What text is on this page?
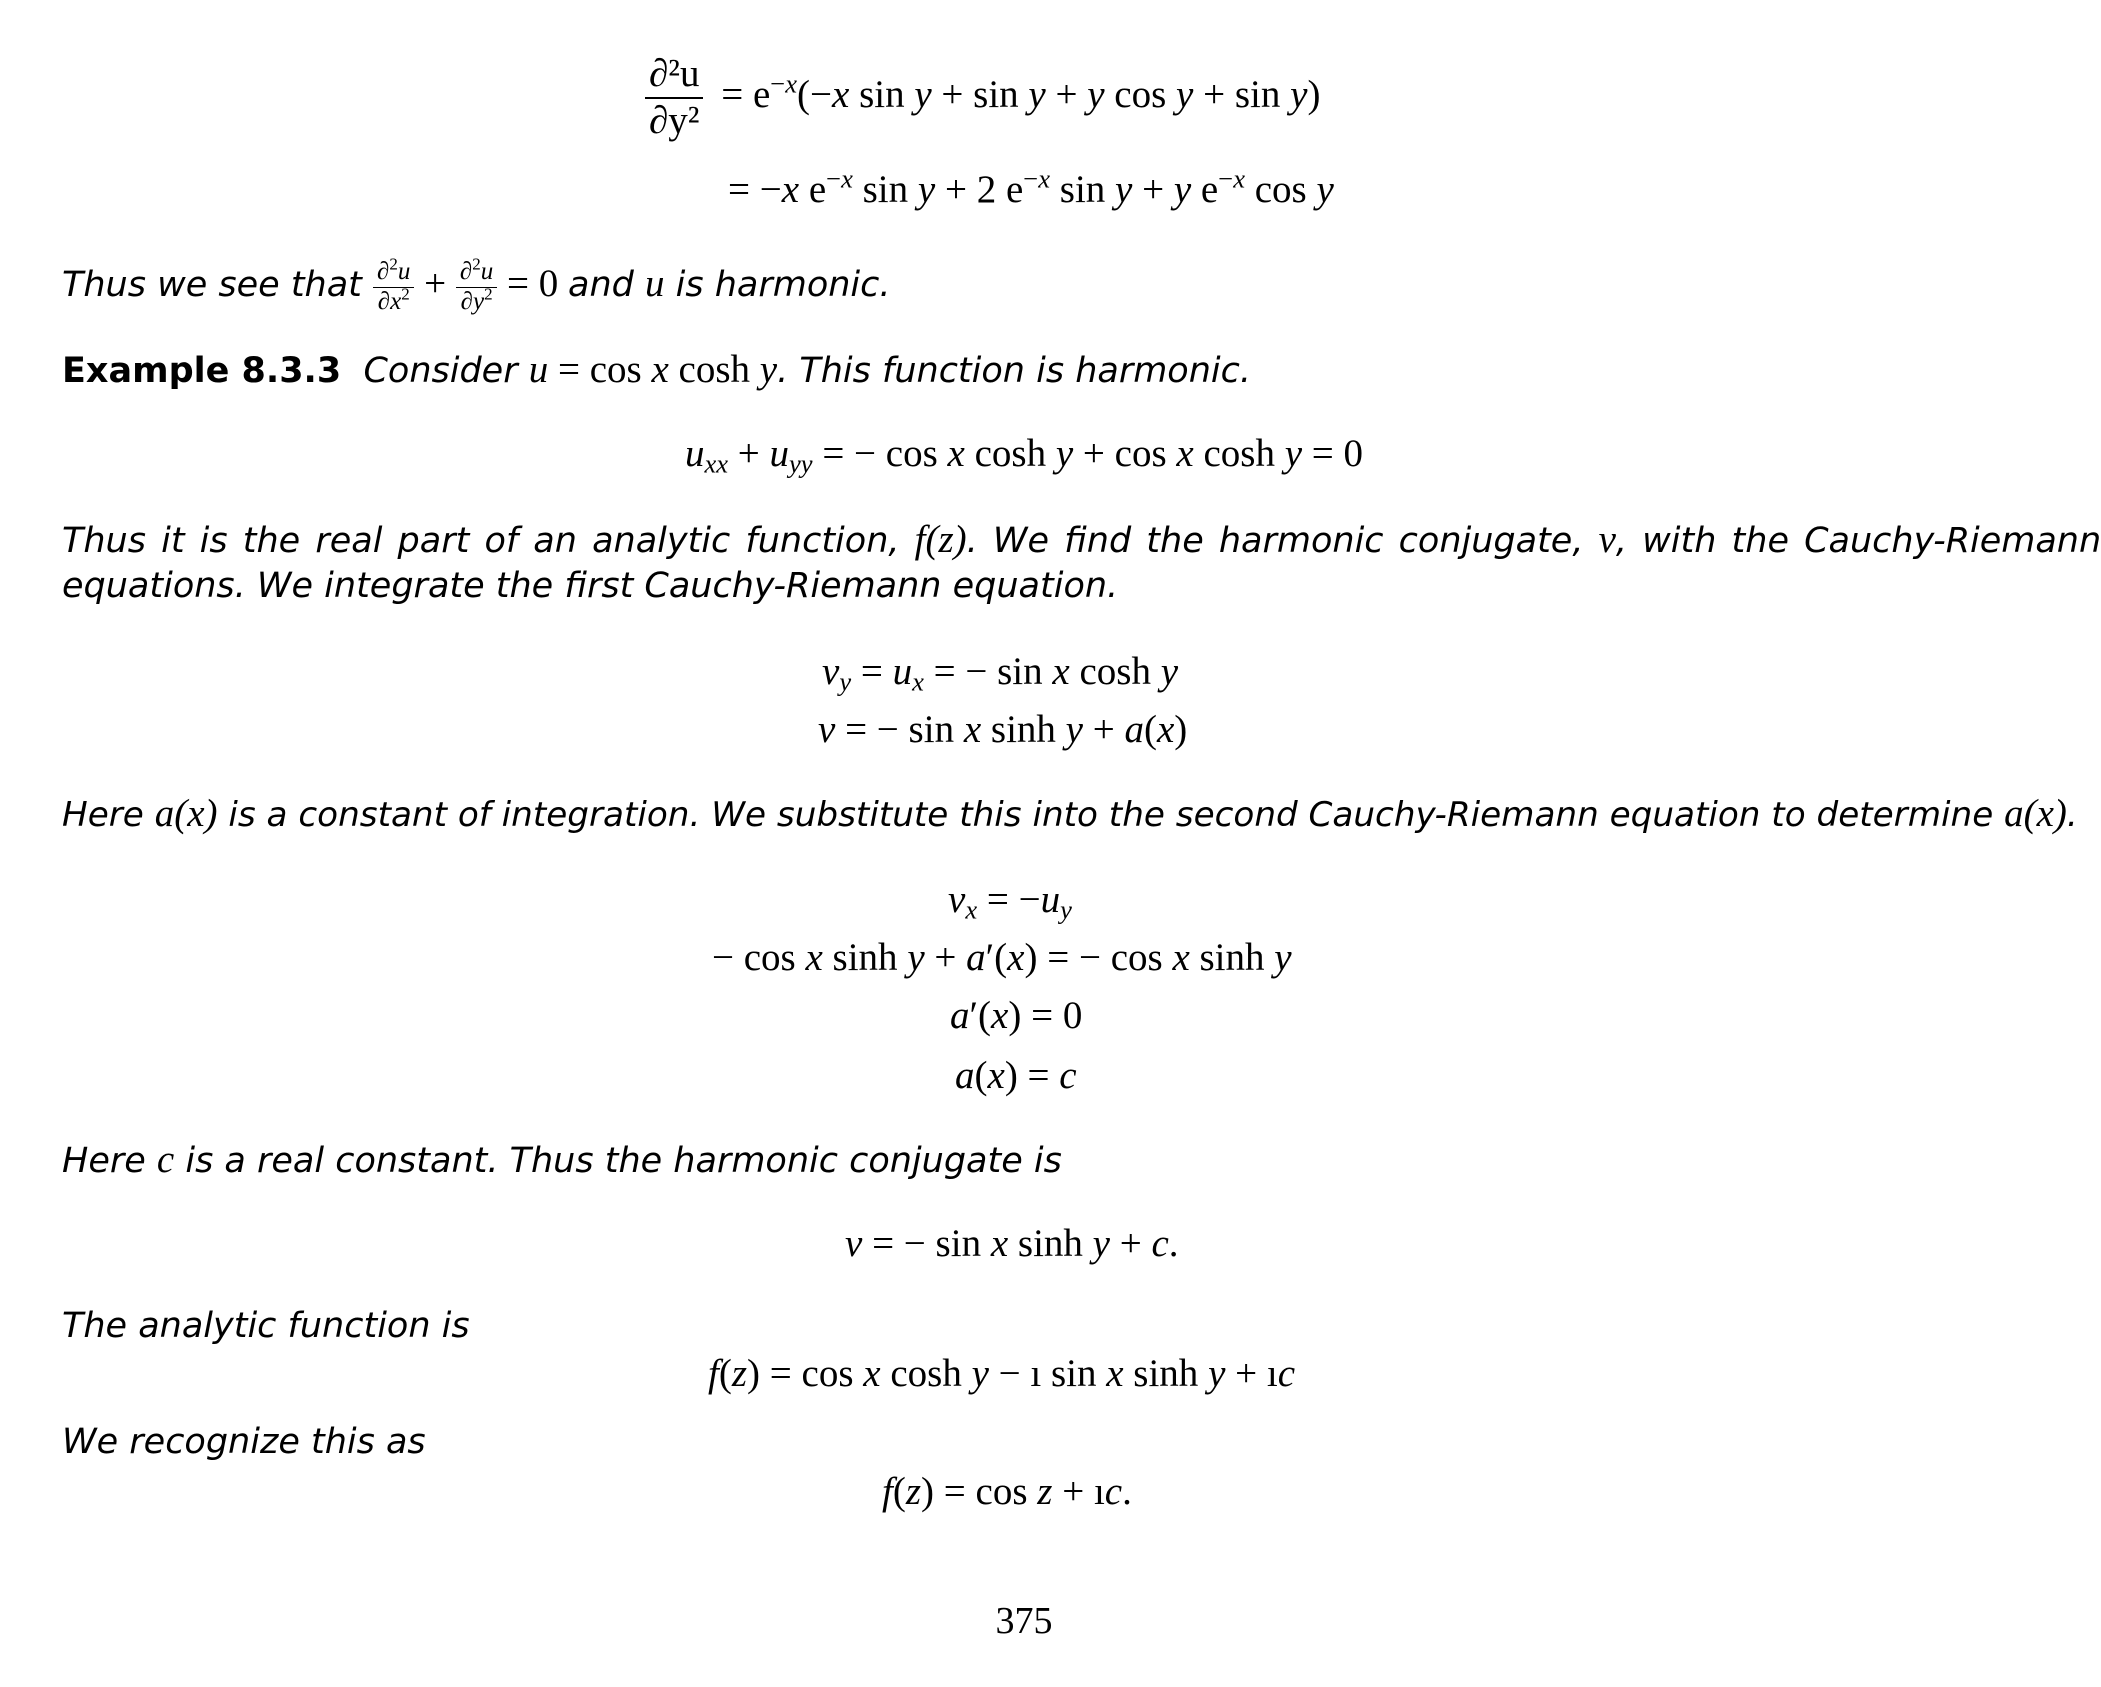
$\frac{\text{∂²u}}{\text{∂y²}} = e^{-x}(-x$ sin y + sin y + y cos y + sin y)
= −x $e^{-x}$ sin y + 2 $e^{-x}$ sin y + y $e^{-x}$ cos y
Thus we see that $\frac{\partial^2u}{\partial x^2} + \frac{\partial^2u}{\partial y^2} = 0$ and u is harmonic.
Example 8.3.3 Consider u = cos x cosh y. This function is harmonic.
$u_{xx} + u_{yy}$ = − cos x cosh y + cos x cosh y = 0
Thus it is the real part of an analytic function, f(z). We find the harmonic conjugate, v, with the Cauchy-Riemann
equations. We integrate the first Cauchy-Riemann equation.
$v_y = u_x$ = − sin x cosh y
v = − sin x sinh y + a(x)
Here a(x) is a constant of integration. We substitute this into the second Cauchy-Riemann equation to determine a(x).
$v_x = -u_y$
− cos x sinh y + a′(x) = − cos x sinh y
a′(x) = 0
a(x) = c
Here c is a real constant. Thus the harmonic conjugate is
v = − sin x sinh y + c.
The analytic function is
f(z) = cos x cosh y − ı sin x sinh y + ıc
We recognize this as
f(z) = cos z + ıc.
375
